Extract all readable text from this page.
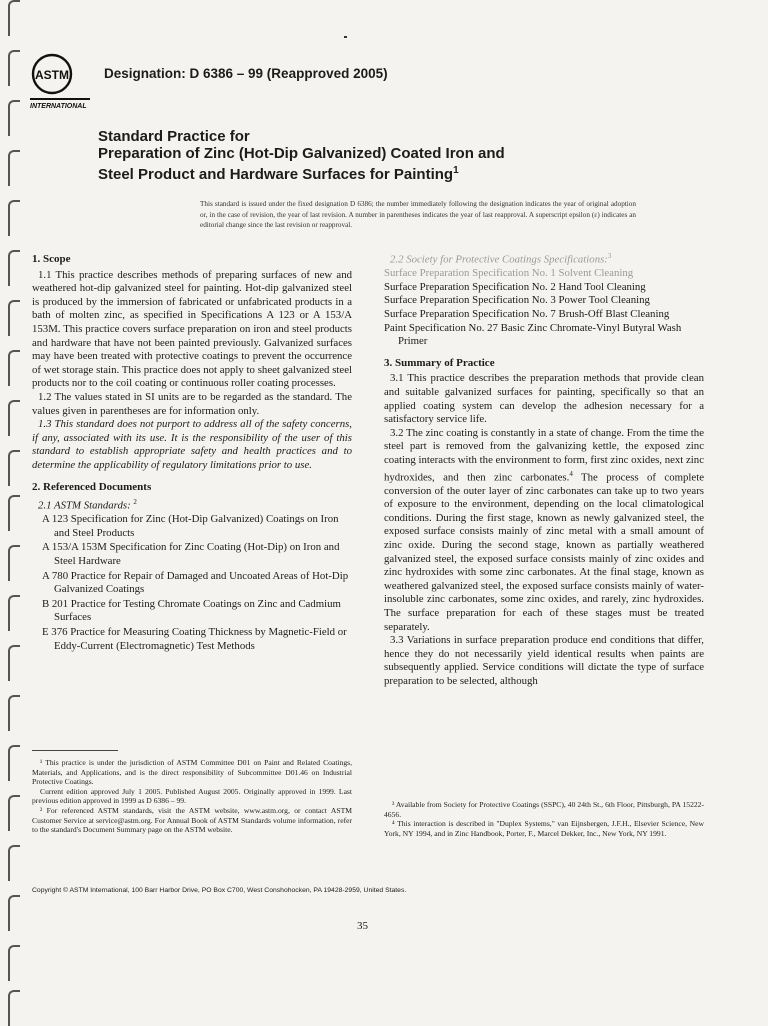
ASTM
INTERNATIONAL
Designation: D 6386 – 99 (Reapproved 2005)
Standard Practice for
Preparation of Zinc (Hot-Dip Galvanized) Coated Iron and
Steel Product and Hardware Surfaces for Painting$^1$
This standard is issued under the fixed designation D 6386; the number immediately following the designation indicates the year of original adoption or, in the case of revision, the year of last revision. A number in parentheses indicates the year of last reapproval. A superscript epsilon (ε) indicates an editorial change since the last revision or reapproval.

1. Scope

1.1 This practice describes methods of preparing surfaces of new and weathered hot-dip galvanized steel for painting. Hot-dip galvanized steel is produced by the immersion of fabricated or unfabricated products in a bath of molten zinc, as specified in Specifications A 123 or A 153/A 153M. This practice covers surface preparation on iron and steel products and hardware that have not been painted previously. Galvanized surfaces may have been treated with protective coatings to prevent the occurrence of wet storage stain. This practice does not apply to sheet galvanized steel products nor to the coil coating or continuous roller coating processes.

1.2 The values stated in SI units are to be regarded as the standard. The values given in parentheses are for information only.

1.3 This standard does not purport to address all of the safety concerns, if any, associated with its use. It is the responsibility of the user of this standard to establish appropriate safety and health practices and to determine the applicability of regulatory limitations prior to use.

2. Referenced Documents

2.1 ASTM Standards: $^2$

A 123 Specification for Zinc (Hot-Dip Galvanized) Coatings on Iron and Steel Products

A 153/A 153M Specification for Zinc Coating (Hot-Dip) on Iron and Steel Hardware

A 780 Practice for Repair of Damaged and Uncoated Areas of Hot-Dip Galvanized Coatings

B 201 Practice for Testing Chromate Coatings on Zinc and Cadmium Surfaces

E 376 Practice for Measuring Coating Thickness by Magnetic-Field or Eddy-Current (Electromagnetic) Test Methods

2.2 Society for Protective Coatings Specifications:$^3$

Surface Preparation Specification No. 1 Solvent Cleaning

Surface Preparation Specification No. 2 Hand Tool Cleaning

Surface Preparation Specification No. 3 Power Tool Cleaning

Surface Preparation Specification No. 7 Brush-Off Blast Cleaning

Paint Specification No. 27 Basic Zinc Chromate-Vinyl Butyral Wash Primer

3. Summary of Practice

3.1 This practice describes the preparation methods that provide clean and suitable galvanized surfaces for painting, specifically so that an applied coating system can develop the adhesion necessary for a satisfactory service life.

3.2 The zinc coating is constantly in a state of change. From the time the steel part is removed from the galvanizing kettle, the exposed zinc coating interacts with the environment to form, first zinc oxides, next zinc hydroxides, and then zinc carbonates.$^4$ The process of complete conversion of the outer layer of zinc carbonates can take up to two years of exposure to the environment, depending on the local climatological conditions. During the first stage, known as newly galvanized steel, the exposed surface consists mainly of zinc metal with a small amount of zinc oxide. During the second stage, known as partially weathered galvanized steel, the exposed surface consists mainly of zinc oxides and zinc hydroxides with some zinc carbonates. At the final stage, known as weathered galvanized steel, the exposed surface consists mainly of water-insoluble zinc carbonates, some zinc oxides, and rarely, zinc hydroxides. The surface preparation for each of these stages must be treated separately.

3.3 Variations in surface preparation produce end conditions that differ, hence they do not necessarily yield identical results when paints are subsequently applied. Service conditions will dictate the type of surface preparation to be selected, although

¹ This practice is under the jurisdiction of ASTM Committee D01 on Paint and Related Coatings, Materials, and Applications, and is the direct responsibility of Subcommittee D01.46 on Industrial Protective Coatings.

Current edition approved July 1 2005. Published August 2005. Originally approved in 1999. Last previous edition approved in 1999 as D 6386 – 99.

² For referenced ASTM standards, visit the ASTM website, www.astm.org, or contact ASTM Customer Service at service@astm.org. For Annual Book of ASTM Standards volume information, refer to the standard's Document Summary page on the ASTM website.

³ Available from Society for Protective Coatings (SSPC), 40 24th St., 6th Floor, Pittsburgh, PA 15222-4656.

⁴ This interaction is described in "Duplex Systems," van Eijnsbergen, J.F.H., Elsevier Science, New York, NY 1994, and in Zinc Handbook, Porter, F., Marcel Dekker, Inc., New York, NY 1991.

Copyright © ASTM International, 100 Barr Harbor Drive, PO Box C700, West Conshohocken, PA 19428-2959, United States.
35
